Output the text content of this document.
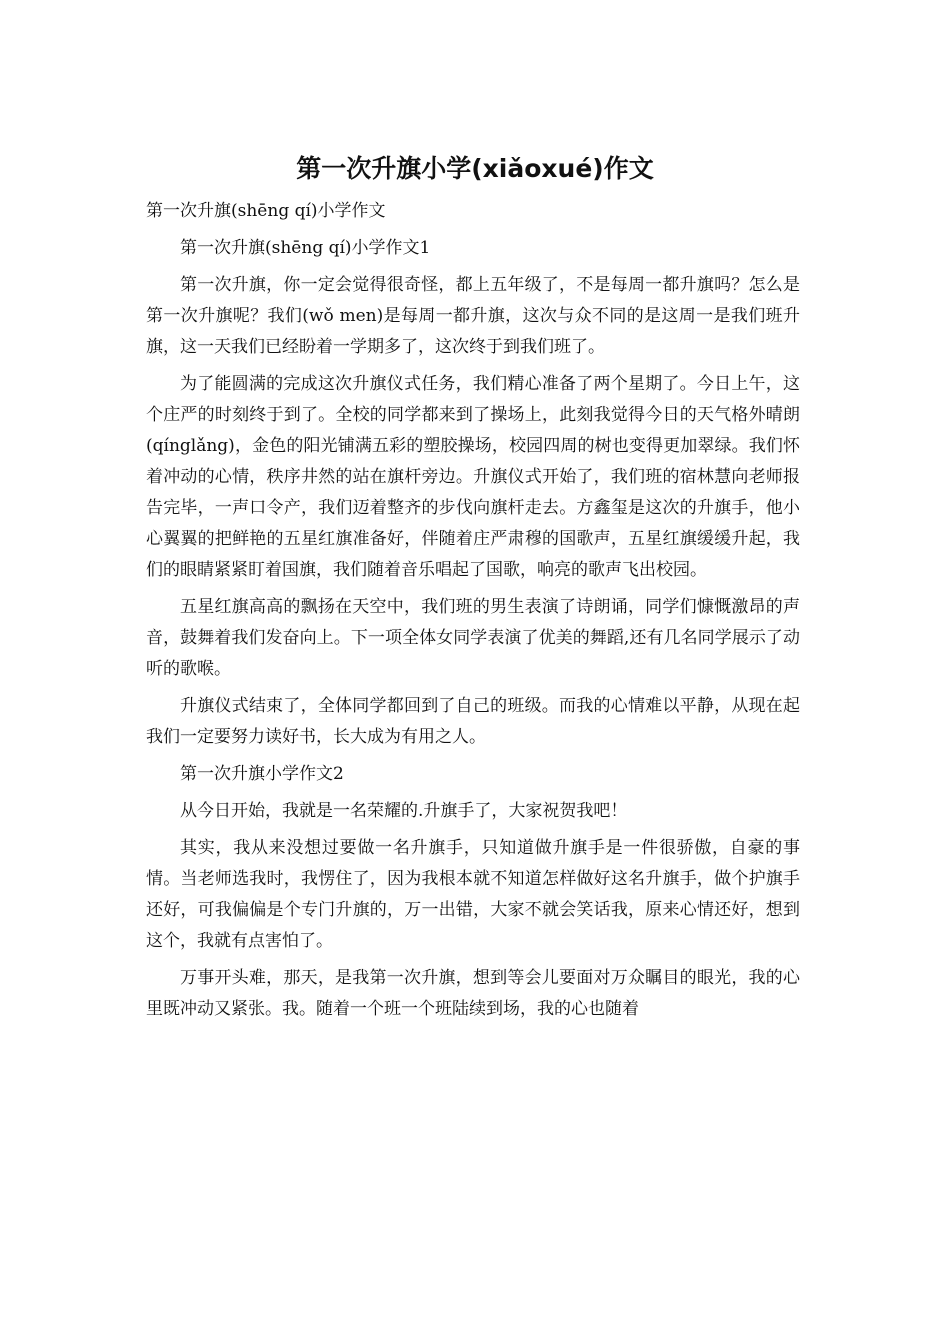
第一次升旗小学(xiǎoxué)作文

第一次升旗(shēng qí)小学作文

第一次升旗(shēng qí)小学作文1

第一次升旗，你一定会觉得很奇怪，都上五年级了，不是每周一都升旗吗？怎么是第一次升旗呢？我们(wǒ men)是每周一都升旗，这次与众不同的是这周一是我们班升旗，这一天我们已经盼着一学期多了，这次终于到我们班了。

为了能圆满的完成这次升旗仪式任务，我们精心准备了两个星期了。今日上午，这个庄严的时刻终于到了。全校的同学都来到了操场上，此刻我觉得今日的天气格外晴朗(qínglǎng)，金色的阳光铺满五彩的塑胶操场，校园四周的树也变得更加翠绿。我们怀着冲动的心情，秩序井然的站在旗杆旁边。升旗仪式开始了，我们班的宿林慧向老师报告完毕，一声口令产，我们迈着整齐的步伐向旗杆走去。方鑫玺是这次的升旗手，他小心翼翼的把鲜艳的五星红旗准备好，伴随着庄严肃穆的国歌声，五星红旗缓缓升起，我们的眼睛紧紧盯着国旗，我们随着音乐唱起了国歌，响亮的歌声飞出校园。

五星红旗高高的飘扬在天空中，我们班的男生表演了诗朗诵，同学们慷慨激昂的声音，鼓舞着我们发奋向上。下一项全体女同学表演了优美的舞蹈,还有几名同学展示了动听的歌喉。

升旗仪式结束了，全体同学都回到了自己的班级。而我的心情难以平静，从现在起我们一定要努力读好书，长大成为有用之人。

第一次升旗小学作文2

从今日开始，我就是一名荣耀的.升旗手了，大家祝贺我吧！

其实，我从来没想过要做一名升旗手，只知道做升旗手是一件很骄傲，自豪的事情。当老师选我时，我愣住了，因为我根本就不知道怎样做好这名升旗手，做个护旗手还好，可我偏偏是个专门升旗的，万一出错，大家不就会笑话我，原来心情还好，想到这个，我就有点害怕了。

万事开头难，那天，是我第一次升旗，想到等会儿要面对万众瞩目的眼光，我的心里既冲动又紧张。我。随着一个班一个班陆续到场，我的心也随着
